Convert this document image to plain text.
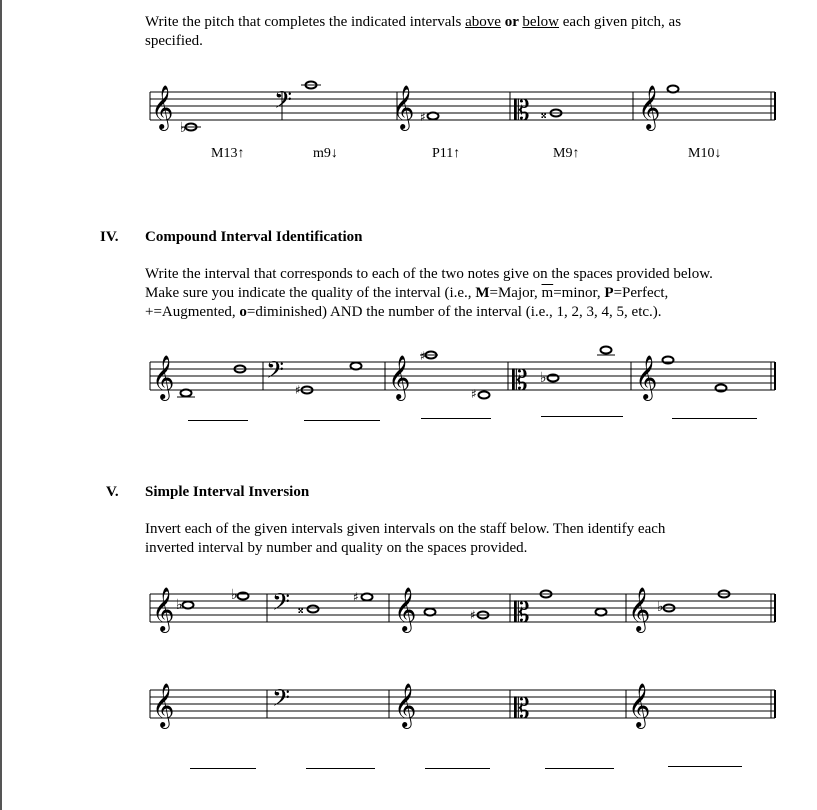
Write the pitch that completes the indicated intervals above or below each given pitch, as
specified.
IV. Compound Interval Identification
Write the interval that corresponds to each of the two notes give on the spaces provided below.
Make sure you indicate the quality of the interval (i.e., M=Major, $\overline{m}=minor$, P=Perfect,
+=Augmented, o=diminished) AND the number of the interval (i.e., 1, 2, 3, 4, 5, etc.).
V. Simple Interval Inversion
Invert each of the given intervals given intervals on the staff below. Then identify each
inverted interval by number and quality on the spaces provided.
M13↑	m9↓	P11↑	M9↑	M10↓
𝄞	𝄢	𝄞	𝄡	𝄞
𝄞	𝄢	𝄞	𝄡	𝄞
𝄞	𝄢	𝄞	𝄡	𝄞
𝄞	𝄢	𝄞	𝄡	𝄞
♭
♯	𝄪
♯
♯
♯
♭
♭
♭
𝄪
♯
♯	♭
